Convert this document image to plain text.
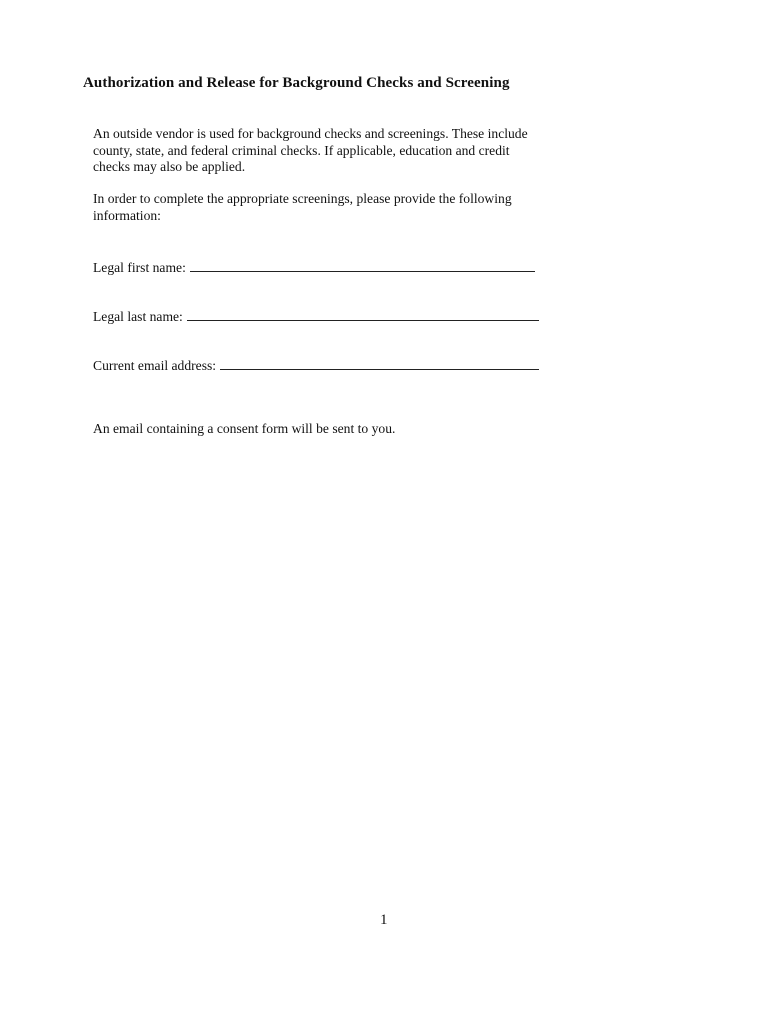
Authorization and Release for Background Checks and Screening
An outside vendor is used for background checks and screenings. These include
county, state, and federal criminal checks. If applicable, education and credit
checks may also be applied.
In order to complete the appropriate screenings, please provide the following
information:
Legal first name:
Legal last name:
Current email address:
An email containing a consent form will be sent to you.
1
